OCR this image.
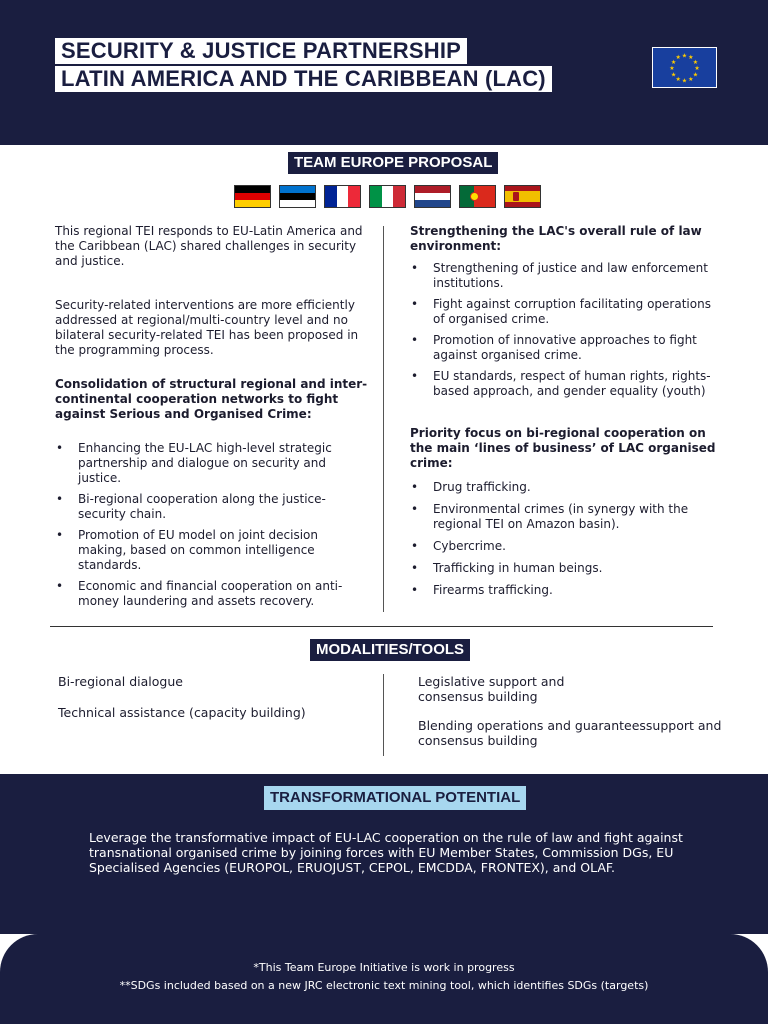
SECURITY & JUSTICE PARTNERSHIP
LATIN AMERICA AND THE CARIBBEAN (LAC)
★ ★
★
★
★
★
★
★
★
★
★
★
TEAM EUROPE PROPOSAL

This regional TEI responds to EU-Latin America and the Caribbean (LAC) shared challenges in security and justice.

Security-related interventions are more efficiently addressed at regional/multi-country level and no bilateral security-related TEI has been proposed in the programming process.

Consolidation of structural regional and inter-continental cooperation networks to fight against Serious and Organised Crime:

• Enhancing the EU-LAC high-level strategic partnership and dialogue on security and justice.
• Bi-regional cooperation along the justice-security chain.
• Promotion of EU model on joint decision making, based on common intelligence standards.
• Economic and financial cooperation on anti-money laundering and assets recovery.

Strengthening the LAC's overall rule of law environment:

• Strengthening of justice and law enforcement institutions.
• Fight against corruption facilitating operations of organised crime.
• Promotion of innovative approaches to fight against organised crime.
• EU standards, respect of human rights, rights-based approach, and gender equality (youth)

Priority focus on bi-regional cooperation on the main ‘lines of business’ of LAC organised crime:

• Drug trafficking.
• Environmental crimes (in synergy with the regional TEI on Amazon basin).
• Cybercrime.
• Trafficking in human beings.
• Firearms trafficking.
MODALITIES/TOOLS

Bi-regional dialogue

Technical assistance (capacity building)

Legislative support and consensus building

Blending operations and guaranteessupport and consensus building

TRANSFORMATIONAL POTENTIAL
Leverage the transformative impact of EU-LAC cooperation on the rule of law and fight against transnational organised crime by joining forces with EU Member States, Commission DGs, EU Specialised Agencies (EUROPOL, ERUOJUST, CEPOL, EMCDDA, FRONTEX), and OLAF.
*This Team Europe Initiative is work in progress
**SDGs included based on a new JRC electronic text mining tool, which identifies SDGs (targets)
